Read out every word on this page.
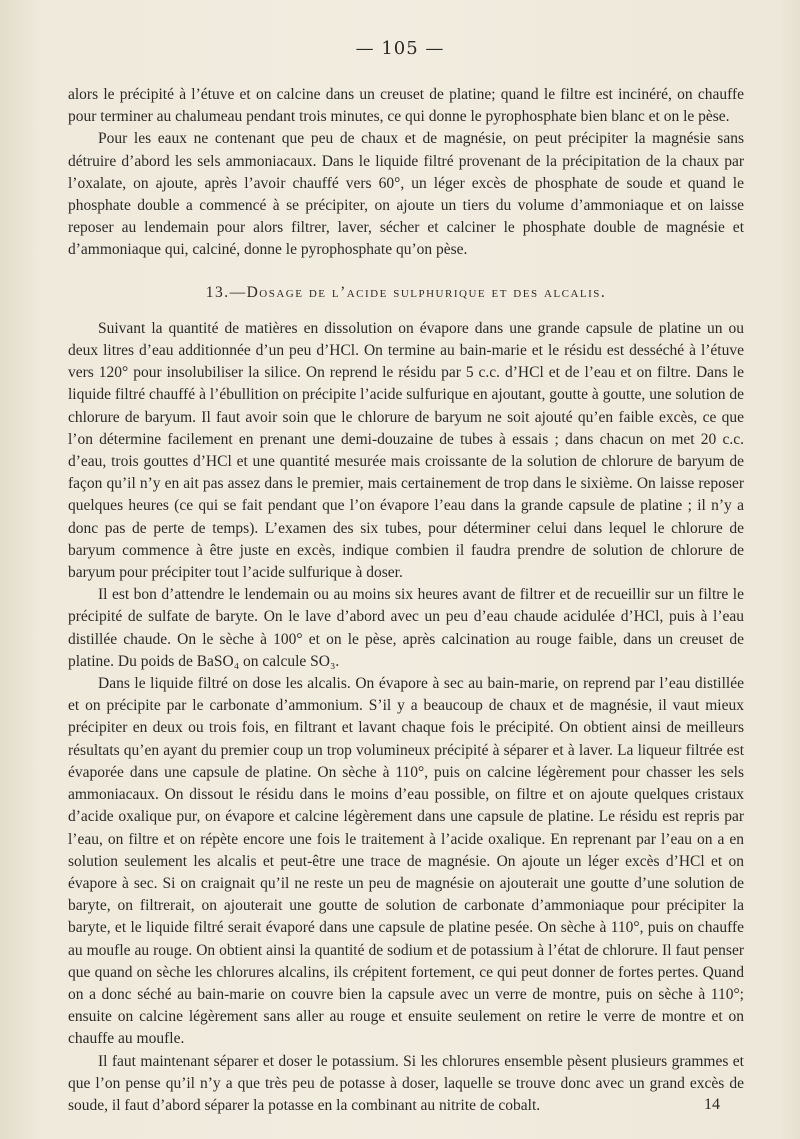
— 105 —

alors le précipité à l’étuve et on calcine dans un creuset de platine; quand le filtre est incinéré, on chauffe pour terminer au chalumeau pendant trois minutes, ce qui donne le pyrophosphate bien blanc et on le pèse.

Pour les eaux ne contenant que peu de chaux et de magnésie, on peut précipiter la magnésie sans détruire d’abord les sels ammoniacaux. Dans le liquide filtré provenant de la précipitation de la chaux par l’oxalate, on ajoute, après l’avoir chauffé vers 60°, un léger excès de phosphate de soude et quand le phosphate double a commencé à se précipiter, on ajoute un tiers du volume d’ammoniaque et on laisse reposer au lendemain pour alors filtrer, laver, sécher et calciner le phosphate double de magnésie et d’ammoniaque qui, calciné, donne le pyrophosphate qu’on pèse.

13.—Dosage de l’acide sulphurique et des alcalis.

Suivant la quantité de matières en dissolution on évapore dans une grande capsule de platine un ou deux litres d’eau additionnée d’un peu d’HCl. On termine au bain-marie et le résidu est desséché à l’étuve vers 120° pour insolubiliser la silice. On reprend le résidu par 5 c.c. d’HCl et de l’eau et on filtre. Dans le liquide filtré chauffé à l’ébullition on précipite l’acide sulfurique en ajoutant, goutte à goutte, une solution de chlorure de baryum. Il faut avoir soin que le chlorure de baryum ne soit ajouté qu’en faible excès, ce que l’on détermine facilement en prenant une demi-douzaine de tubes à essais ; dans chacun on met 20 c.c. d’eau, trois gouttes d’HCl et une quantité mesurée mais croissante de la solution de chlorure de baryum de façon qu’il n’y en ait pas assez dans le premier, mais certainement de trop dans le sixième. On laisse reposer quelques heures (ce qui se fait pendant que l’on évapore l’eau dans la grande capsule de platine ; il n’y a donc pas de perte de temps). L’examen des six tubes, pour déterminer celui dans lequel le chlorure de baryum commence à être juste en excès, indique combien il faudra prendre de solution de chlorure de baryum pour précipiter tout l’acide sulfurique à doser.

Il est bon d’attendre le lendemain ou au moins six heures avant de filtrer et de recueillir sur un filtre le précipité de sulfate de baryte. On le lave d’abord avec un peu d’eau chaude acidulée d’HCl, puis à l’eau distillée chaude. On le sèche à 100° et on le pèse, après calcination au rouge faible, dans un creuset de platine. Du poids de BaSO₄ on calcule SO₃.

Dans le liquide filtré on dose les alcalis. On évapore à sec au bain-marie, on reprend par l’eau distillée et on précipite par le carbonate d’ammonium. S’il y a beaucoup de chaux et de magnésie, il vaut mieux précipiter en deux ou trois fois, en filtrant et lavant chaque fois le précipité. On obtient ainsi de meilleurs résultats qu’en ayant du premier coup un trop volumineux précipité à séparer et à laver. La liqueur filtrée est évaporée dans une capsule de platine. On sèche à 110°, puis on calcine légèrement pour chasser les sels ammoniacaux. On dissout le résidu dans le moins d’eau possible, on filtre et on ajoute quelques cristaux d’acide oxalique pur, on évapore et calcine légèrement dans une capsule de platine. Le résidu est repris par l’eau, on filtre et on répète encore une fois le traitement à l’acide oxalique. En reprenant par l’eau on a en solution seulement les alcalis et peut-être une trace de magnésie. On ajoute un léger excès d’HCl et on évapore à sec. Si on craignait qu’il ne reste un peu de magnésie on ajouterait une goutte d’une solution de baryte, on filtrerait, on ajouterait une goutte de solution de carbonate d’ammoniaque pour précipiter la baryte, et le liquide filtré serait évaporé dans une capsule de platine pesée. On sèche à 110°, puis on chauffe au moufle au rouge. On obtient ainsi la quantité de sodium et de potassium à l’état de chlorure. Il faut penser que quand on sèche les chlorures alcalins, ils crépitent fortement, ce qui peut donner de fortes pertes. Quand on a donc séché au bain-marie on couvre bien la capsule avec un verre de montre, puis on sèche à 110°; ensuite on calcine légèrement sans aller au rouge et ensuite seulement on retire le verre de montre et on chauffe au moufle.

Il faut maintenant séparer et doser le potassium. Si les chlorures ensemble pèsent plusieurs grammes et que l’on pense qu’il n’y a que très peu de potasse à doser, laquelle se trouve donc avec un grand excès de soude, il faut d’abord séparer la potasse en la combinant au nitrite de cobalt.	14
